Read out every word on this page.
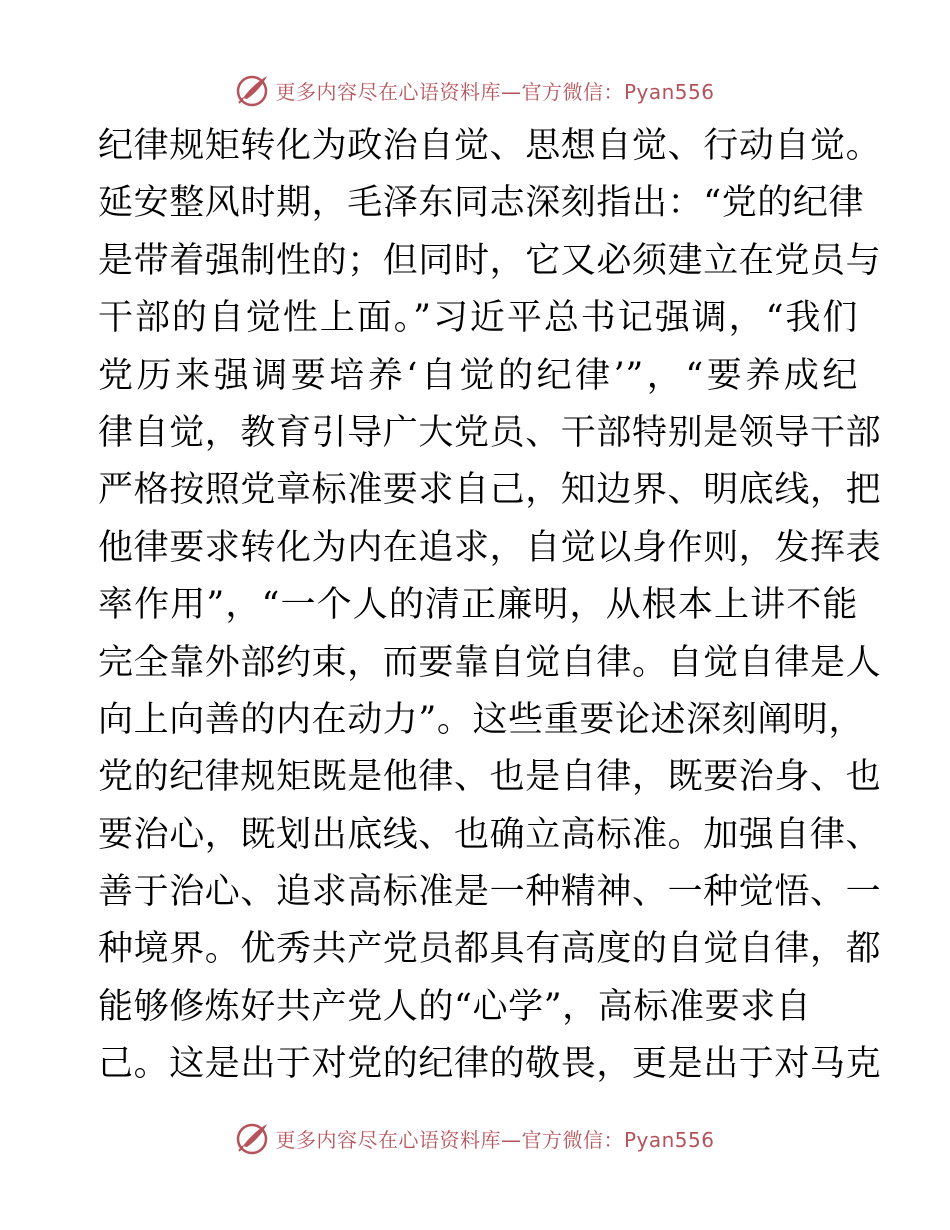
更多内容尽在心语资料库—官方微信：Pyan556
纪律规矩转化为政治自觉、思想自觉、行动自觉。
延安整风时期，毛泽东同志深刻指出：“党的纪律
是带着强制性的；但同时，它又必须建立在党员与
干部的自觉性上面。”习近平总书记强调，“我们
党历来强调要培养‘自觉的纪律’”，“要养成纪
律自觉，教育引导广大党员、干部特别是领导干部
严格按照党章标准要求自己，知边界、明底线，把
他律要求转化为内在追求，自觉以身作则，发挥表
率作用”，“一个人的清正廉明，从根本上讲不能
完全靠外部约束，而要靠自觉自律。自觉自律是人
向上向善的内在动力”。这些重要论述深刻阐明，
党的纪律规矩既是他律、也是自律，既要治身、也
要治心，既划出底线、也确立高标准。加强自律、
善于治心、追求高标准是一种精神、一种觉悟、一
种境界。优秀共产党员都具有高度的自觉自律，都
能够修炼好共产党人的“心学”，高标准要求自
己。这是出于对党的纪律的敬畏，更是出于对马克
更多内容尽在心语资料库—官方微信：Pyan556
